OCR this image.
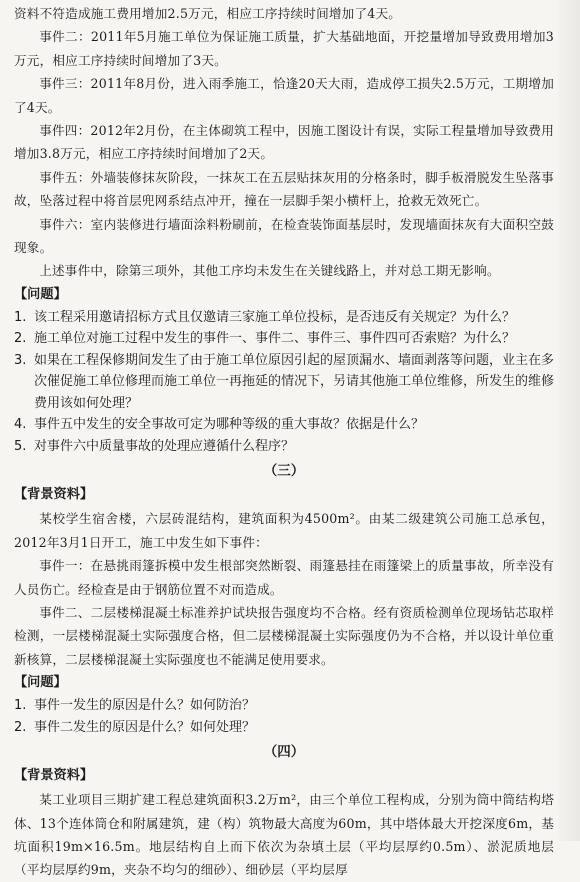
资料不符造成施工费用增加2.5万元，相应工序持续时间增加了4天。

事件二：2011年5月施工单位为保证施工质量，扩大基础地面，开挖量增加导致费用增加3万元，相应工序持续时间增加了3天。

事件三：2011年8月份，进入雨季施工，恰逢20天大雨，造成停工损失2.5万元，工期增加了4天。

事件四：2012年2月份，在主体砌筑工程中，因施工图设计有误，实际工程量增加导致费用增加3.8万元，相应工序持续时间增加了2天。

事件五：外墙装修抹灰阶段，一抹灰工在五层贴抹灰用的分格条时，脚手板滑脱发生坠落事故，坠落过程中将首层兜网系结点冲开，撞在一层脚手架小横杆上，抢救无效死亡。

事件六：室内装修进行墙面涂料粉刷前，在检查装饰面基层时，发现墙面抹灰有大面积空鼓现象。

上述事件中，除第三项外，其他工序均未发生在关键线路上，并对总工期无影响。

【问题】

1. 该工程采用邀请招标方式且仅邀请三家施工单位投标，是否违反有关规定？为什么？

2. 施工单位对施工过程中发生的事件一、事件二、事件三、事件四可否索赔？为什么？

3. 如果在工程保修期间发生了由于施工单位原因引起的屋顶漏水、墙面剥落等问题，业主在多次催促施工单位修理而施工单位一再拖延的情况下，另请其他施工单位维修，所发生的维修费用该如何处理？

4. 事件五中发生的安全事故可定为哪种等级的重大事故？依据是什么？

5. 对事件六中质量事故的处理应遵循什么程序？

（三）
【背景资料】

某校学生宿舍楼，六层砖混结构，建筑面积为4500m²。由某二级建筑公司施工总承包，2012年3月1日开工，施工中发生如下事件：

事件一：在悬挑雨篷拆模中发生根部突然断裂、雨篷悬挂在雨篷梁上的质量事故，所幸没有人员伤亡。经检查是由于钢筋位置不对而造成。

事件二、二层楼梯混凝土标准养护试块报告强度均不合格。经有资质检测单位现场钻芯取样检测，一层楼梯混凝土实际强度合格，但二层楼梯混凝土实际强度仍为不合格，并以设计单位重新核算，二层楼梯混凝土实际强度也不能满足使用要求。

【问题】

1. 事件一发生的原因是什么？如何防治？

2. 事件二发生的原因是什么？如何处理？

（四）
【背景资料】

某工业项目三期扩建工程总建筑面积3.2万m²，由三个单位工程构成，分别为筒中筒结构塔体、13个连体筒仓和附属建筑，建（构）筑物最大高度为60m，其中塔体最大开挖深度6m，基坑面积19m×16.5m。地层结构自上而下依次为杂填土层（平均层厚约0.5m）、淤泥质地层（平均层厚约9m，夹杂不均匀的细砂）、细砂层（平均层厚
